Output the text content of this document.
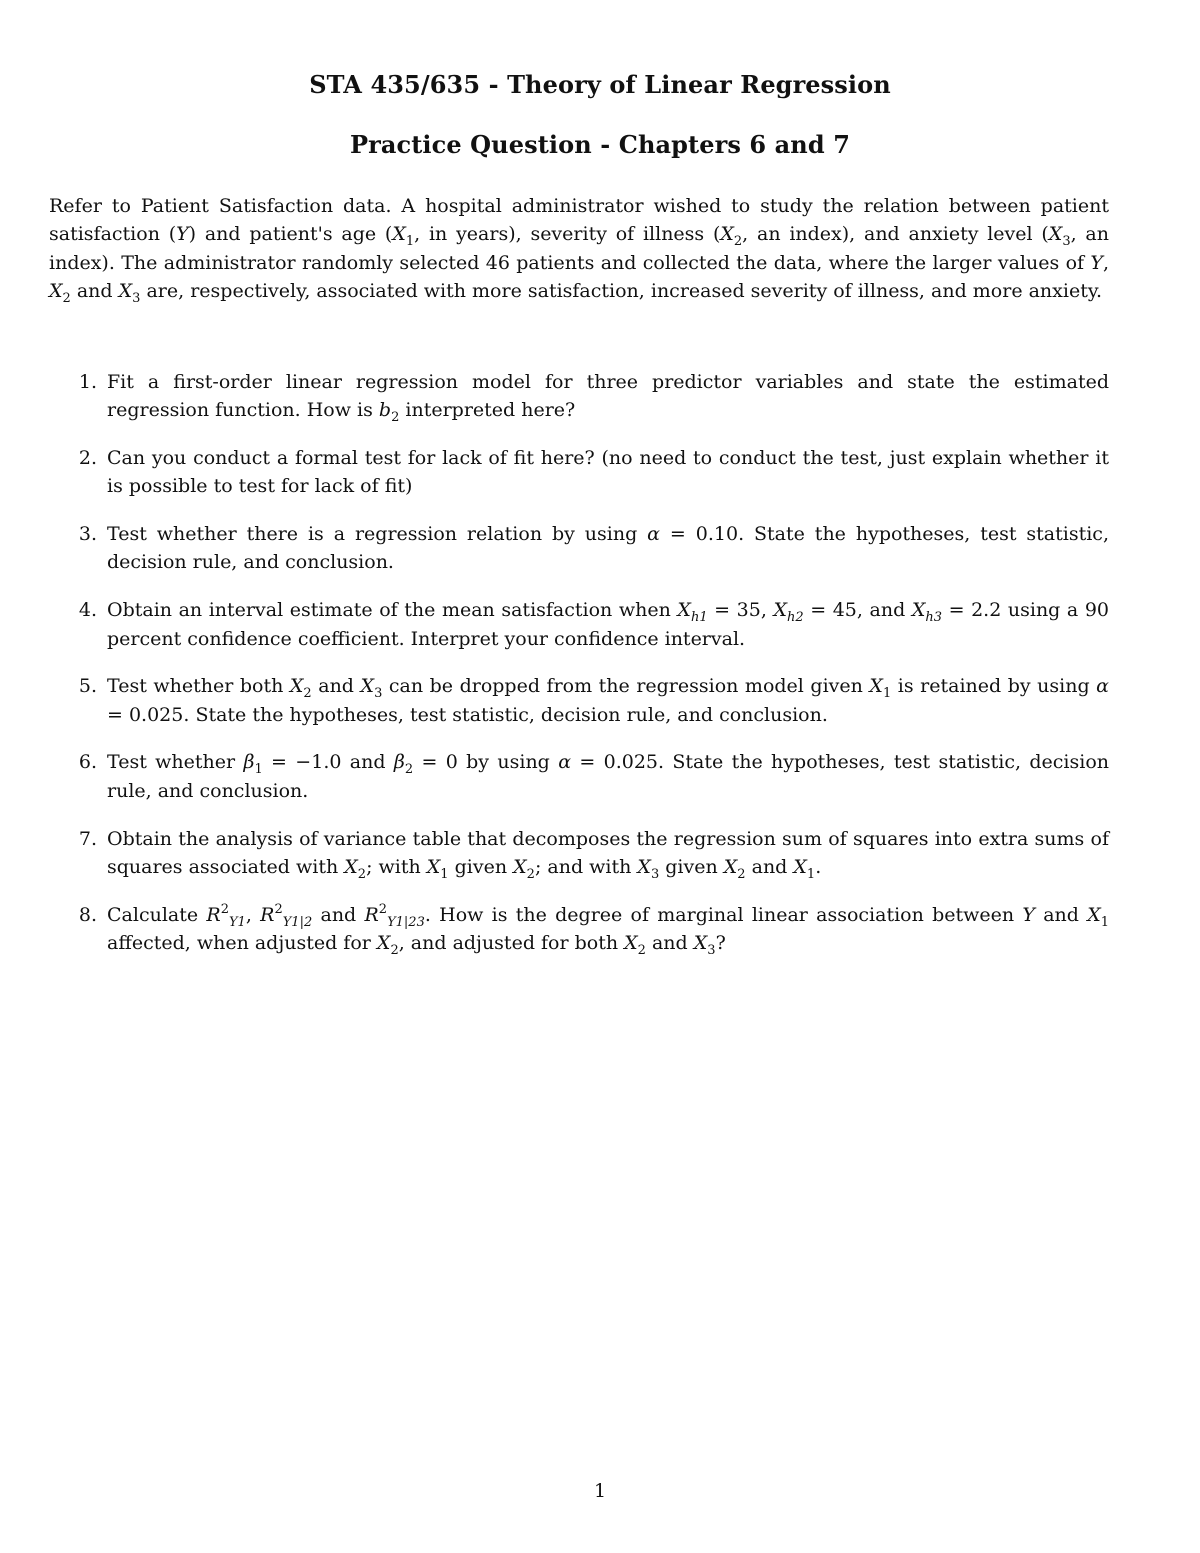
STA 435/635 - Theory of Linear Regression
Practice Question - Chapters 6 and 7

Refer to Patient Satisfaction data. A hospital administrator wished to study the relation between patient satisfaction (Y) and patient's age ($X_1$, in years), severity of illness ($X_2$, an index), and anxiety level ($X_3$, an index). The administrator randomly selected 46 patients and collected the data, where the larger values of Y, $X_2$ and $X_3$ are, respectively, associated with more satisfaction, increased severity of illness, and more anxiety.

1. Fit a first-order linear regression model for three predictor variables and state the estimated regression function. How is $b_2$ interpreted here?
2. Can you conduct a formal test for lack of fit here? (no need to conduct the test, just explain whether it is possible to test for lack of fit)
3. Test whether there is a regression relation by using α = 0.10. State the hypotheses, test statistic, decision rule, and conclusion.
4. Obtain an interval estimate of the mean satisfaction when $X_{h1} = 35$, $X_{h2} = 45$, and $X_{h3} = 2.2$ using a 90 percent confidence coefficient. Interpret your confidence interval.
5. Test whether both $X_2$ and $X_3$ can be dropped from the regression model given $X_1$ is retained by using α = 0.025. State the hypotheses, test statistic, decision rule, and conclusion.
6. Test whether $\beta_1 = -1.0$ and $\beta_2 = 0$ by using α = 0.025. State the hypotheses, test statistic, decision rule, and conclusion.
7. Obtain the analysis of variance table that decomposes the regression sum of squares into extra sums of squares associated with $X_2$; with $X_1$ given $X_2$; and with $X_3$ given $X_2$ and $X_1$.
8. Calculate $R^2_{Y1}$, $R^2_{Y1|2}$ and $R^2_{Y1|23}$. How is the degree of marginal linear association between Y and $X_1$ affected, when adjusted for $X_2$, and adjusted for both $X_2$ and $X_3$?

1
